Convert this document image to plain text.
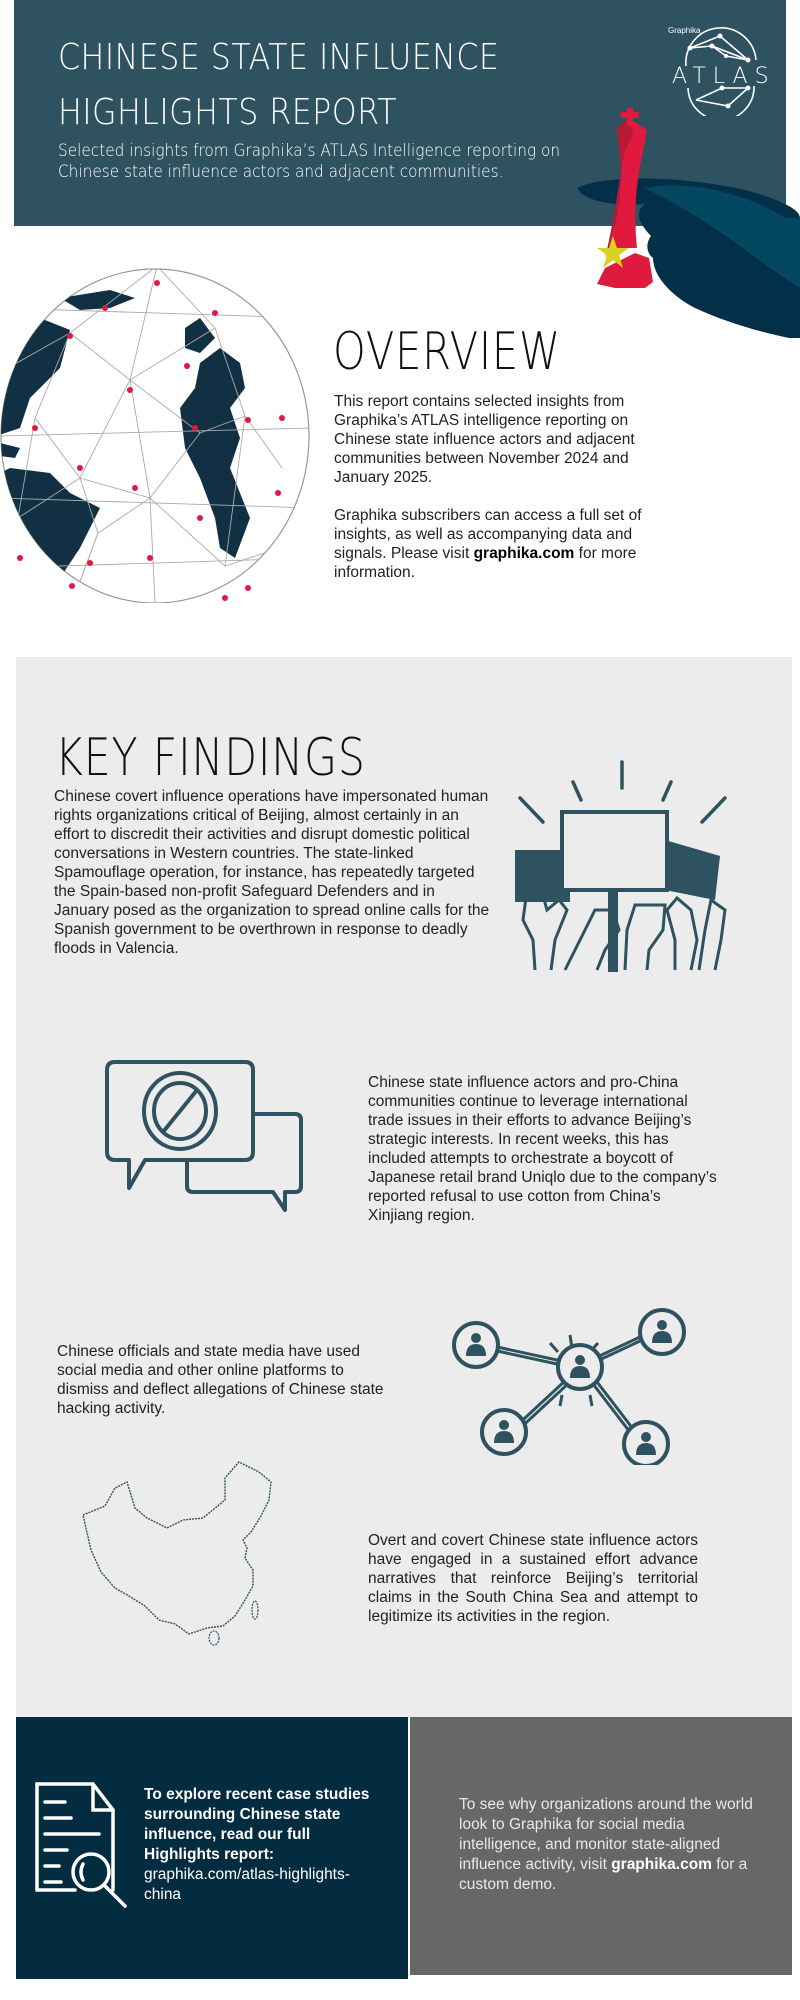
CHINESE STATE INFLUENCE
HIGHLIGHTS REPORT
Selected insights from Graphika’s ATLAS Intelligence reporting on Chinese state influence actors and adjacent communities.
Graphika
ATLAS
OVERVIEW

This report contains selected insights from Graphika’s ATLAS intelligence reporting on Chinese state influence actors and adjacent communities between November 2024 and January 2025.

Graphika subscribers can access a full set of insights, as well as accompanying data and signals. Please visit graphika.com for more information.

KEY FINDINGS
Chinese covert influence operations have impersonated human rights organizations critical of Beijing, almost certainly in an effort to discredit their activities and disrupt domestic political conversations in Western countries. The state-linked Spamouflage operation, for instance, has repeatedly targeted the Spain-based non-profit Safeguard Defenders and in January posed as the organization to spread online calls for the Spanish government to be overthrown in response to deadly floods in Valencia.
Chinese state influence actors and pro-China communities continue to leverage international trade issues in their efforts to advance Beijing’s strategic interests. In recent weeks, this has included attempts to orchestrate a boycott of Japanese retail brand Uniqlo due to the company’s reported refusal to use cotton from China’s Xinjiang region.
Chinese officials and state media have used social media and other online platforms to dismiss and deflect allegations of Chinese state hacking activity.
Overt and covert Chinese state influence actors have engaged in a sustained effort advance narratives that reinforce Beijing’s territorial claims in the South China Sea and attempt to legitimize its activities in the region.
To explore recent case studies surrounding Chinese state influence, read our full Highlights report:
graphika.com/atlas-highlights-china
To see why organizations around the world look to Graphika for social media intelligence, and monitor state-aligned influence activity, visit graphika.com for a custom demo.
